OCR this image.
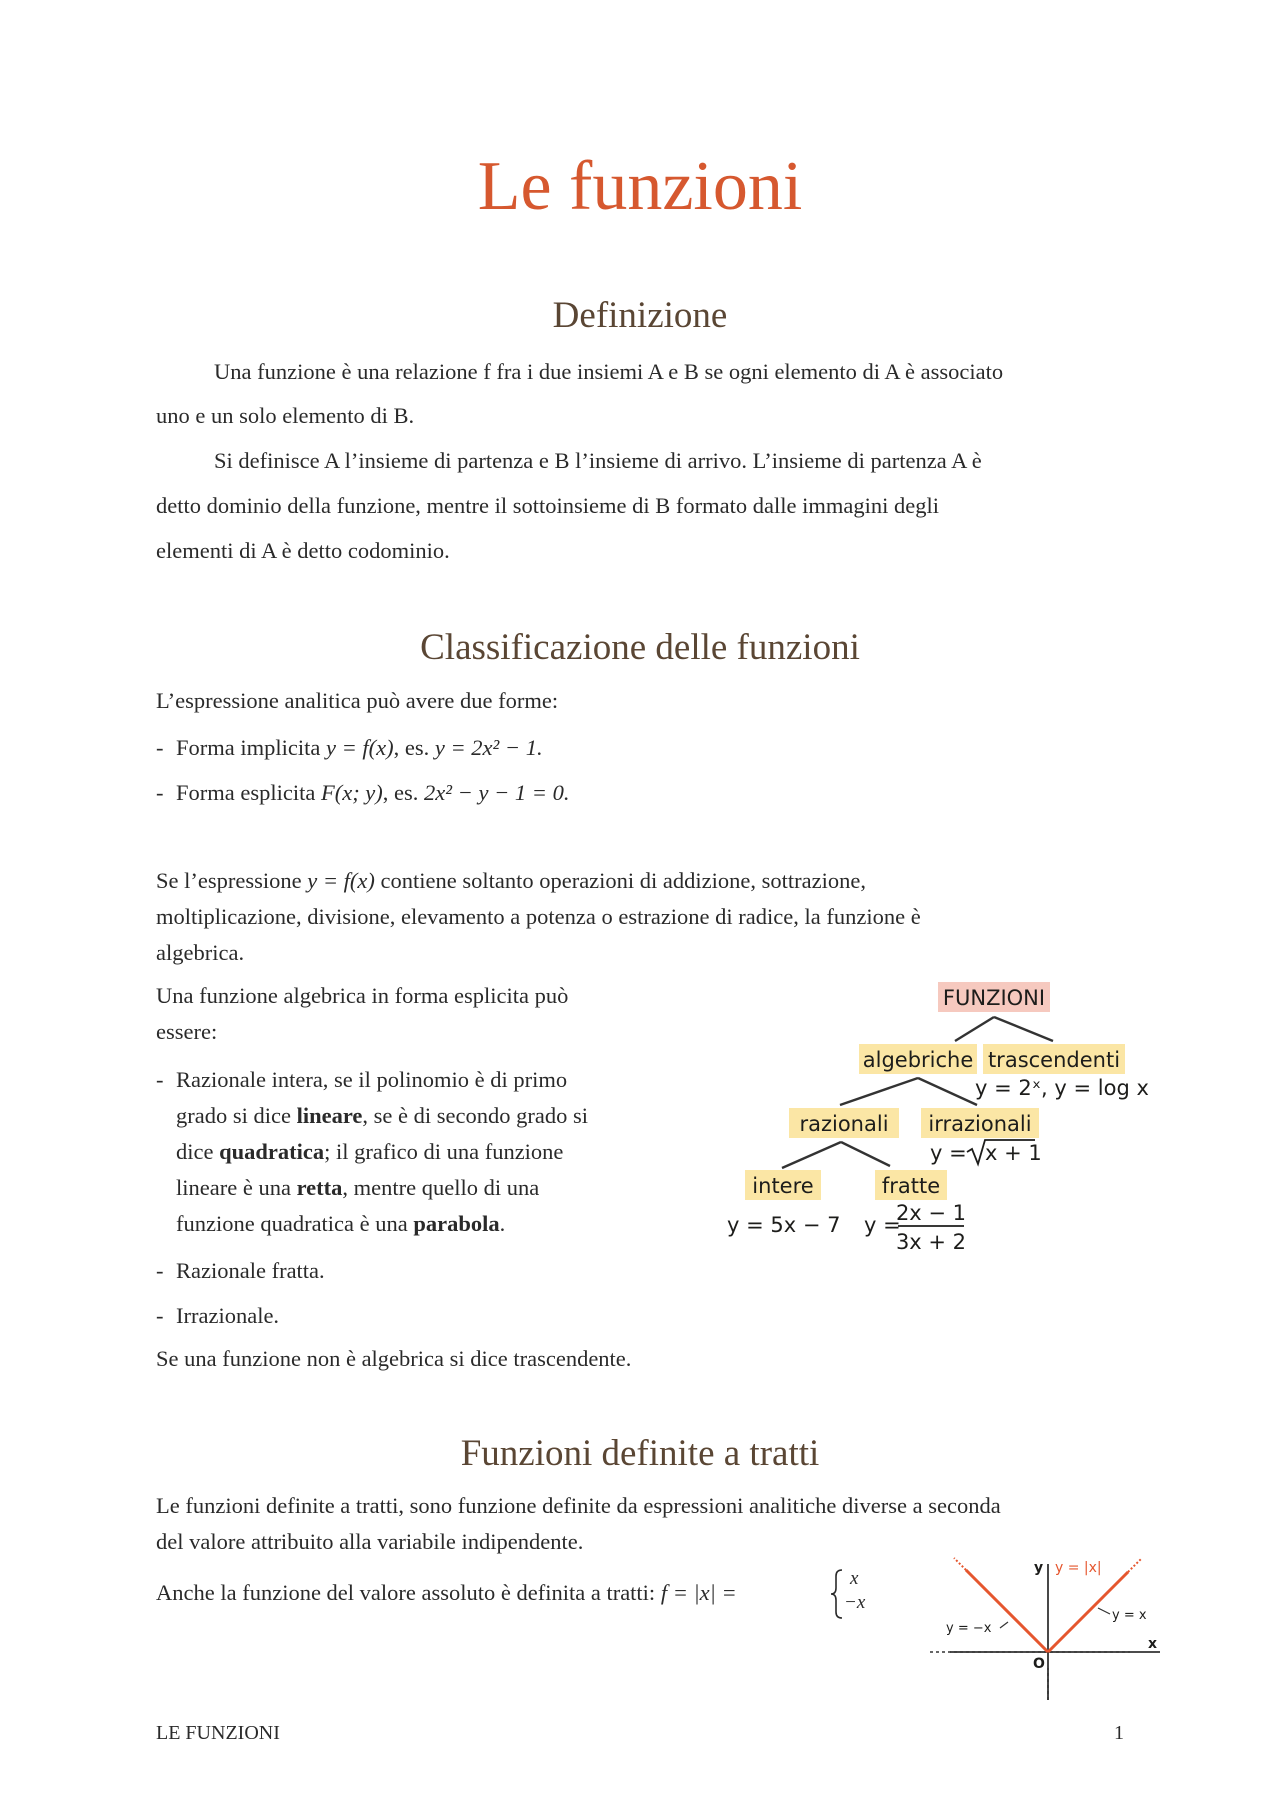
Le funzioni
Definizione
Una funzione è una relazione f fra i due insiemi A e B se ogni elemento di A è associato
uno e un solo elemento di B.
Si definisce A l’insieme di partenza e B l’insieme di arrivo. L’insieme di partenza A è
detto dominio della funzione, mentre il sottoinsieme di B formato dalle immagini degli
elementi di A è detto codominio.
Classificazione delle funzioni
L’espressione analitica può avere due forme:
- Forma implicita y = f(x), es. y = 2x² − 1.
- Forma esplicita F(x; y), es. 2x² − y − 1 = 0.
Se l’espressione y = f(x) contiene soltanto operazioni di addizione, sottrazione,
moltiplicazione, divisione, elevamento a potenza o estrazione di radice, la funzione è
algebrica.
Una funzione algebrica in forma esplicita può
essere:
- Razionale intera, se il polinomio è di primo
grado si dice lineare, se è di secondo grado si
dice quadratica; il grafico di una funzione
lineare è una retta, mentre quello di una
funzione quadratica è una parabola.
- Razionale fratta.
- Irrazionale.
Se una funzione non è algebrica si dice trascendente.
FUNZIONI
algebriche trascendenti
y = 2ˣ, y = log x
razionali irrazionali
y = x + 1
intere	fratte
y = 5x − 7 y =
2x − 1
3x + 2
Funzioni definite a tratti
Le funzioni definite a tratti, sono funzione definite da espressioni analitiche diverse a seconda
del valore attribuito alla variabile indipendente.
Anche la funzione del valore assoluto è definita a tratti: f = |x| =
x
−x
y
x
O
y = |x|
y = x
y = −x
LE FUNZIONI	1
